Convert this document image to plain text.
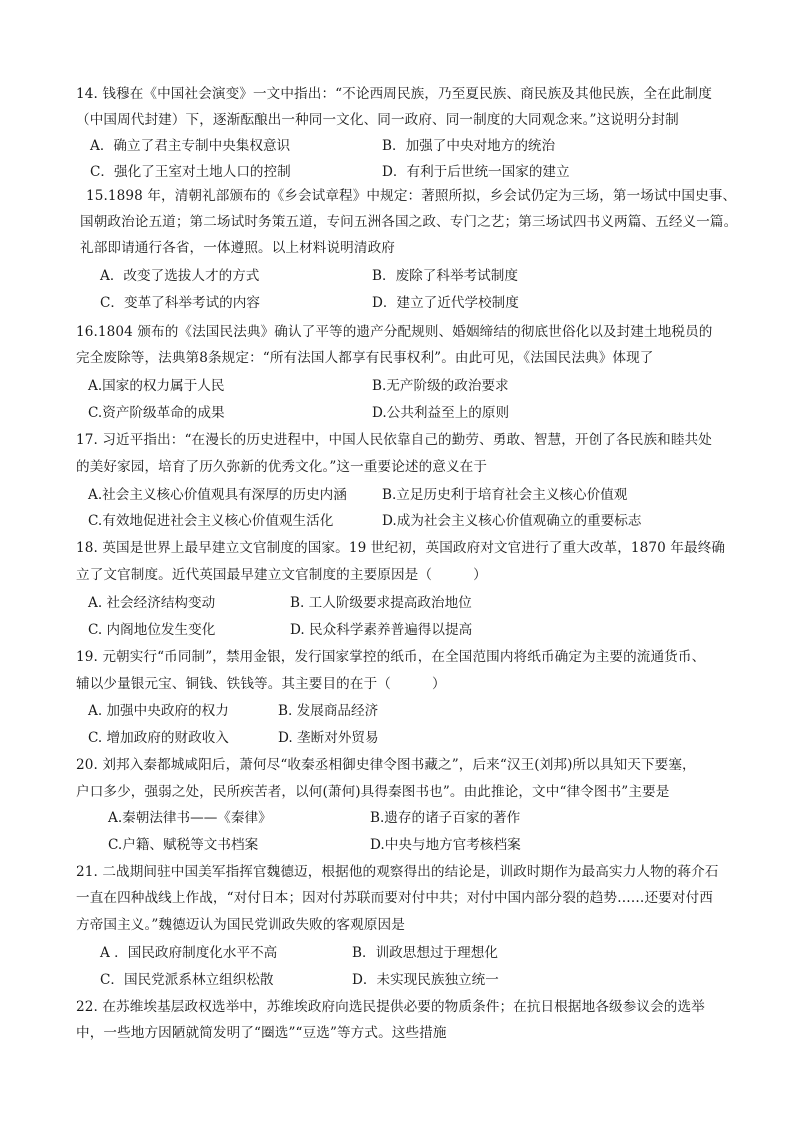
14. 钱穆在《中国社会演变》一文中指出：“不论西周民族，乃至夏民族、商民族及其他民族，全在此制度
（中国周代封建）下，逐渐酝酿出一种同一文化、同一政府、同一制度的大同观念来。”这说明分封制
A．确立了君主专制中央集权意识	B．加强了中央对地方的统治
C．强化了王室对土地人口的控制	D．有利于后世统一国家的建立
15.1898 年，清朝礼部颁布的《乡会试章程》中规定：著照所拟，乡会试仍定为三场，第一场试中国史事、
国朝政治论五道；第二场试时务策五道，专问五洲各国之政、专门之艺；第三场试四书义两篇、五经义一篇。
礼部即请通行各省，一体遵照。以上材料说明清政府
A．改变了选拔人才的方式	B．废除了科举考试制度
C．变革了科举考试的内容	D．建立了近代学校制度
16.1804 颁布的《法国民法典》确认了平等的遗产分配规则、婚姻缔结的彻底世俗化以及封建土地税员的
完全废除等，法典第8条规定：“所有法国人都享有民事权利”。由此可见，《法国民法典》体现了
A.国家的权力属于人民	B.无产阶级的政治要求
C.资产阶级革命的成果	D.公共利益至上的原则
17. 习近平指出：“在漫长的历史进程中，中国人民依靠自己的勤劳、勇敢、智慧，开创了各民族和睦共处
的美好家园，培育了历久弥新的优秀文化。”这一重要论述的意义在于
A.社会主义核心价值观具有深厚的历史内涵	B.立足历史利于培育社会主义核心价值观
C.有效地促进社会主义核心价值观生活化	D.成为社会主义核心价值观确立的重要标志
18. 英国是世界上最早建立文官制度的国家。19 世纪初，英国政府对文官进行了重大改革，1870 年最终确
立了文官制度。近代英国最早建立文官制度的主要原因是（　　　）
A. 社会经济结构变动	B. 工人阶级要求提高政治地位
C. 内阁地位发生变化	D. 民众科学素养普遍得以提高
19. 元朝实行“币同制”，禁用金银，发行国家掌控的纸币，在全国范围内将纸币确定为主要的流通货币、
辅以少量银元宝、铜钱、铁钱等。其主要目的在于（　　　）
A. 加强中央政府的权力	B. 发展商品经济
C. 增加政府的财政收入	D. 垄断对外贸易
20. 刘邦入秦都城咸阳后，萧何尽“收秦丞相御史律令图书藏之”，后来“汉王(刘邦)所以具知天下要塞，
户口多少，强弱之处，民所疾苦者，以何(萧何)具得秦图书也”。由此推论，文中“律令图书”主要是
A.秦朝法律书——《秦律》	B.遗存的诸子百家的著作
C.户籍、赋税等文书档案	D.中央与地方官考核档案
21. 二战期间驻中国美军指挥官魏德迈，根据他的观察得出的结论是，训政时期作为最高实力人物的蒋介石
一直在四种战线上作战，“对付日本；因对付苏联而要对付中共；对付中国内部分裂的趋势……还要对付西
方帝国主义。”魏德迈认为国民党训政失败的客观原因是
A ．国民政府制度化水平不高	B．训政思想过于理想化
C．国民党派系林立组织松散	D．未实现民族独立统一
22. 在苏维埃基层政权选举中，苏维埃政府向选民提供必要的物质条件；在抗日根据地各级参议会的选举
中，一些地方因陋就简发明了“圈选”“豆选”等方式。这些措施
